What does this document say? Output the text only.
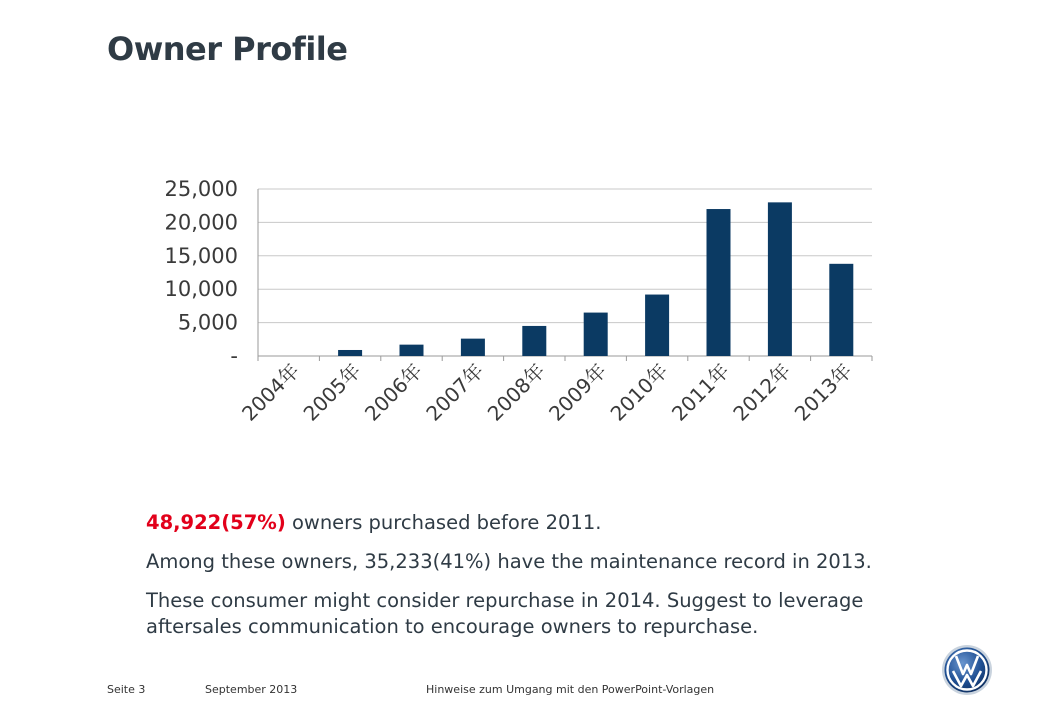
Owner Profile
-
5,000
10,000
15,000
20,000
25,000
2004年
2005年
2006年
2007年
2008年
2009年
2010年
2011年
2012年
2013年
48,922(57%) owners purchased before 2011.
Among these owners, 35,233(41%) have the maintenance record in 2013.
These consumer might consider repurchase in 2014. Suggest to leverage aftersales communication to encourage owners to repurchase.
Seite 3	September 2013	Hinweise zum Umgang mit den PowerPoint-Vorlagen
